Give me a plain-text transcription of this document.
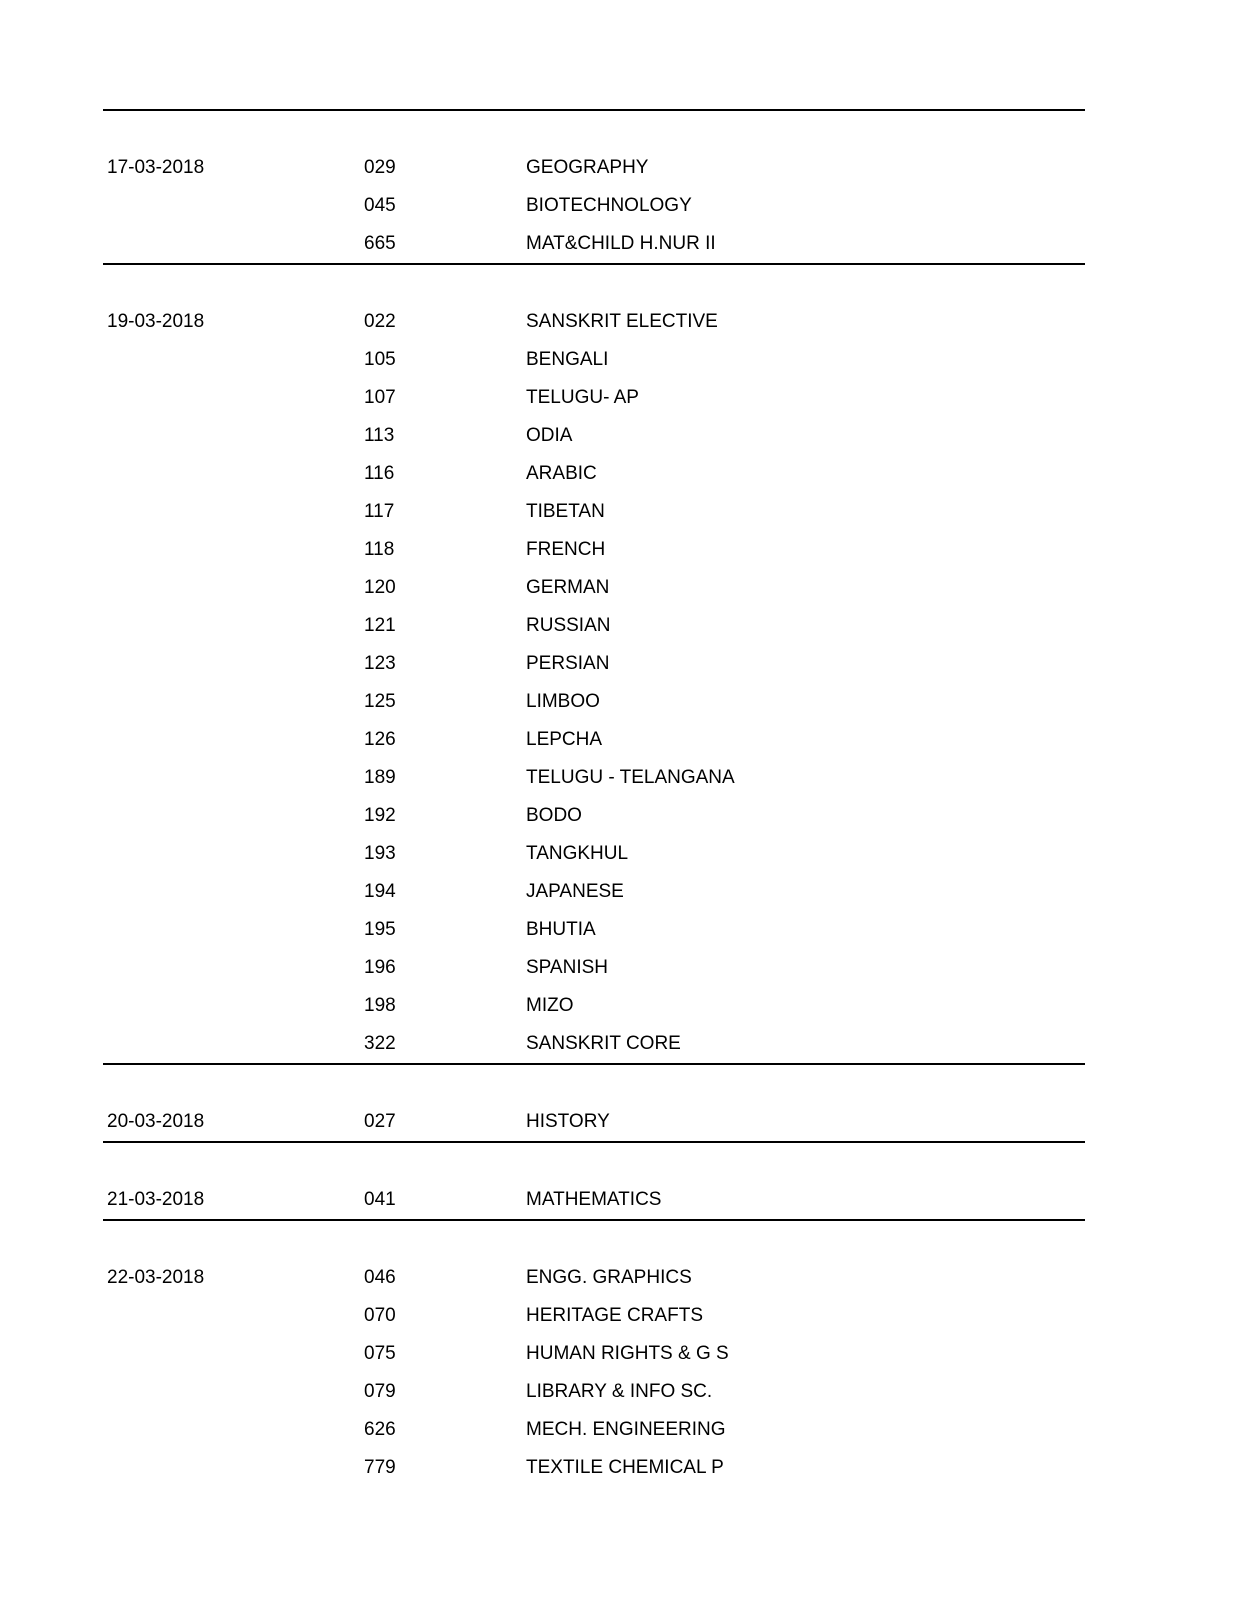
17-03-2018	029	GEOGRAPHY
045	BIOTECHNOLOGY
665	MAT&CHILD H.NUR II
19-03-2018	022	SANSKRIT ELECTIVE
105	BENGALI
107	TELUGU- AP
113	ODIA
116	ARABIC
117	TIBETAN
118	FRENCH
120	GERMAN
121	RUSSIAN
123	PERSIAN
125	LIMBOO
126	LEPCHA
189	TELUGU - TELANGANA
192	BODO
193	TANGKHUL
194	JAPANESE
195	BHUTIA
196	SPANISH
198	MIZO
322	SANSKRIT CORE
20-03-2018	027	HISTORY
21-03-2018	041	MATHEMATICS
22-03-2018	046	ENGG. GRAPHICS
070	HERITAGE CRAFTS
075	HUMAN RIGHTS & G S
079	LIBRARY & INFO SC.
626	MECH. ENGINEERING
779	TEXTILE CHEMICAL P
